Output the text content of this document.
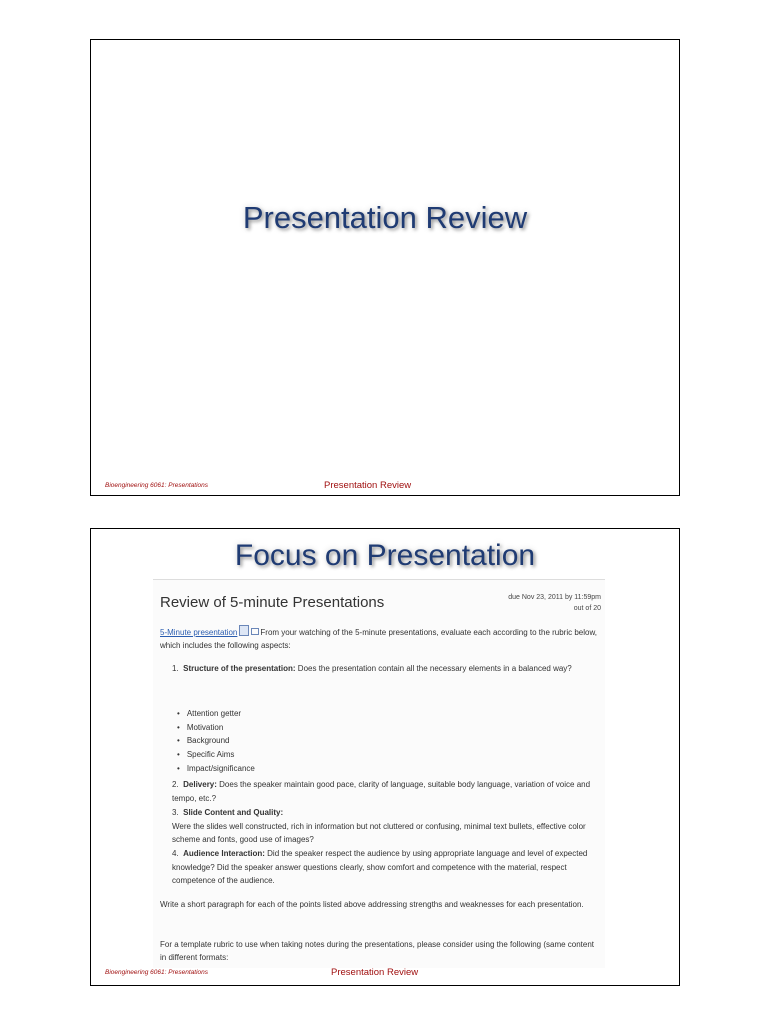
Presentation Review
Bioengineering 6061: Presentations	Presentation Review
Focus on Presentation
Review of 5-minute Presentations	due Nov 23, 2011 by 11:59pm
out of 20
5-Minute presentation	From your watching of the 5-minute presentations, evaluate each according to the rubric below, which includes the following aspects:
1. Structure of the presentation: Does the presentation contain all the necessary elements in a balanced way?
• Attention getter
• Motivation
• Background
• Specific Aims
• Impact/significance
2. Delivery: Does the speaker maintain good pace, clarity of language, suitable body language, variation of voice and tempo, etc.?
3. Slide Content and Quality:
Were the slides well constructed, rich in information but not cluttered or confusing, minimal text bullets, effective color scheme and fonts, good use of images?
4. Audience Interaction: Did the speaker respect the audience by using appropriate language and level of expected knowledge? Did the speaker answer questions clearly, show comfort and competence with the material, respect competence of the audience.
Write a short paragraph for each of the points listed above addressing strengths and weaknesses for each presentation.
For a template rubric to use when taking notes during the presentations, please consider using the following (same content in different formats:
Bioengineering 6061: Presentations	Presentation Review
